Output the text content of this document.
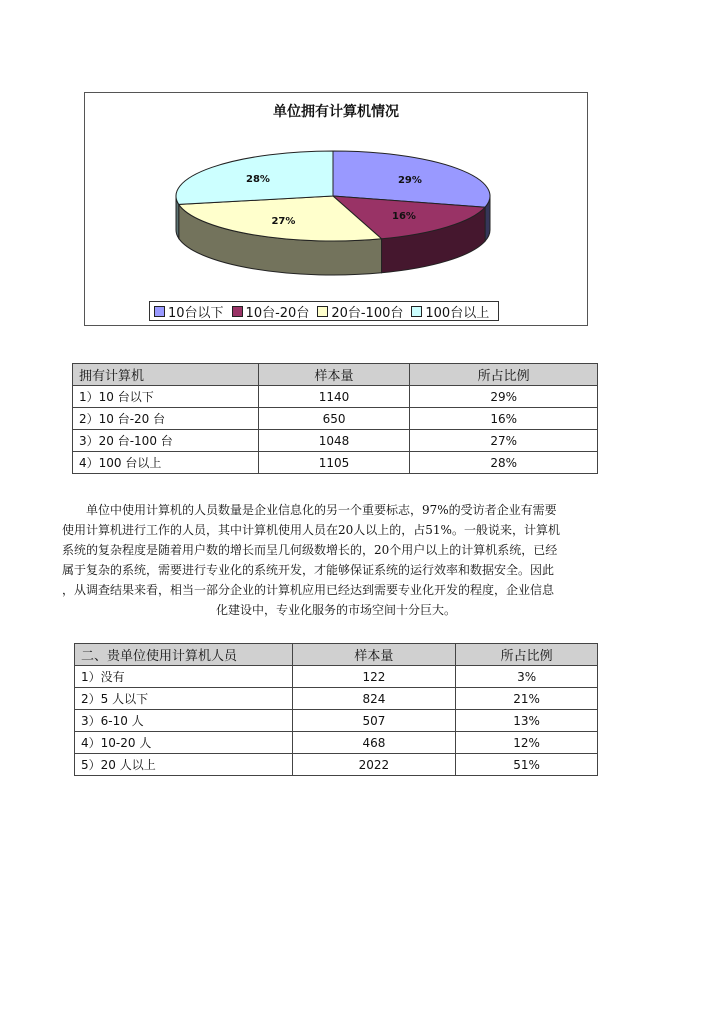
单位拥有计算机情况
29%
16%
27%
28%
10台以下 10台-20台 20台-100台 100台以上
拥有计算机	样本量	所占比例
1）10 台以下	1140	29%
2）10 台-20 台	650	16%
3）20 台-100 台	1048	27%
4）100 台以上	1105	28%

单位中使用计算机的人员数量是企业信息化的另一个重要标志，97%的受访者企业有需要

使用计算机进行工作的人员，其中计算机使用人员在20人以上的，占51%。一般说来，计算机

系统的复杂程度是随着用户数的增长而呈几何级数增长的，20个用户以上的计算机系统，已经

属于复杂的系统，需要进行专业化的系统开发，才能够保证系统的运行效率和数据安全。因此

，从调查结果来看，相当一部分企业的计算机应用已经达到需要专业化开发的程度，企业信息

化建设中，专业化服务的市场空间十分巨大。

二、贵单位使用计算机人员	样本量	所占比例
1）没有	122	3%
2）5 人以下	824	21%
3）6-10 人	507	13%
4）10-20 人	468	12%
5）20 人以上	2022	51%
